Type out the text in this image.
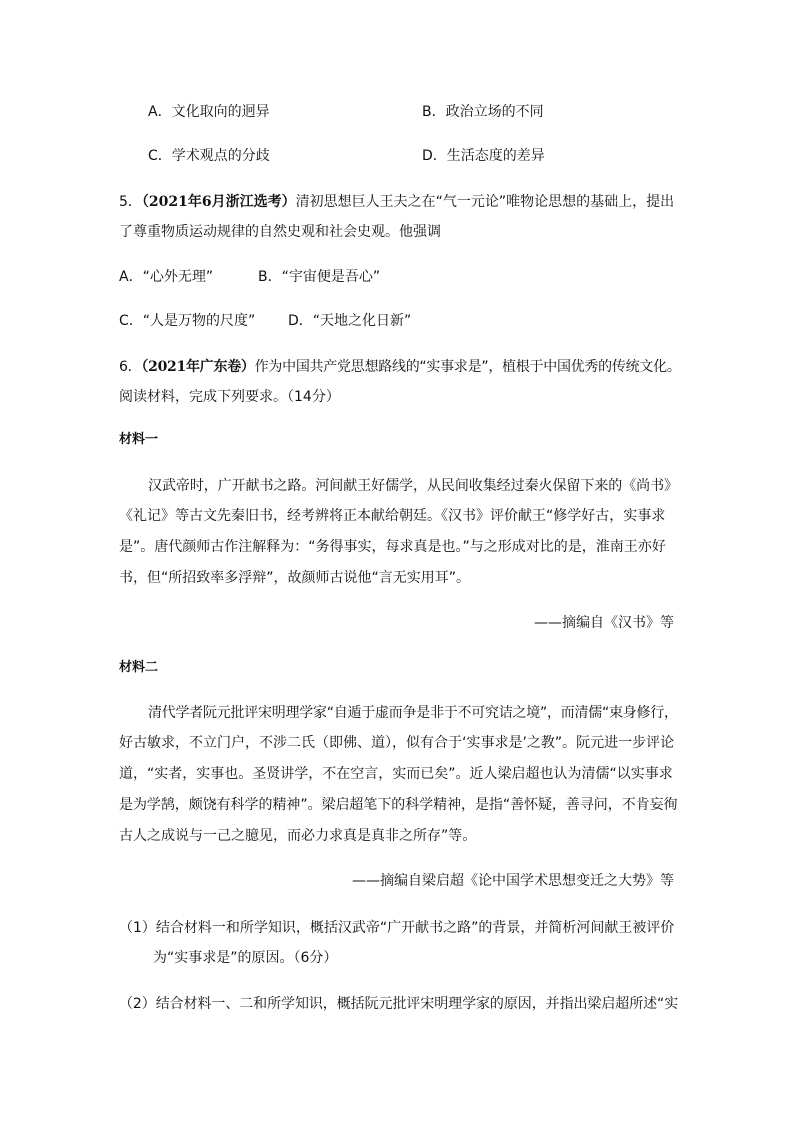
A．文化取向的迥异	B．政治立场的不同
C．学术观点的分歧	D．生活态度的差异
5．（2021年6月浙江选考）清初思想巨人王夫之在“气一元论”唯物论思想的基础上，提出
了尊重物质运动规律的自然史观和社会史观。他强调
A．“心外无理”	B．“宇宙便是吾心”
C．“人是万物的尺度” D．“天地之化日新”
6．（2021年广东卷）作为中国共产党思想路线的“实事求是”，植根于中国优秀的传统文化。
阅读材料，完成下列要求。（14分）
材料一
汉武帝时，广开献书之路。河间献王好儒学，从民间收集经过秦火保留下来的《尚书》
《礼记》等古文先秦旧书，经考辨将正本献给朝廷。《汉书》评价献王“修学好古，实事求
是”。唐代颜师古作注解释为：“务得事实，每求真是也。”与之形成对比的是，淮南王亦好
书，但“所招致率多浮辩”，故颜师古说他“言无实用耳”。
——摘编自《汉书》等
材料二
清代学者阮元批评宋明理学家“自遁于虚而争是非于不可究诘之境”，而清儒“束身修行，
好古敏求，不立门户，不涉二氏（即佛、道），似有合于‘实事求是’之教”。阮元进一步评论
道，“实者，实事也。圣贤讲学，不在空言，实而已矣”。近人梁启超也认为清儒“以实事求
是为学鹄，颇饶有科学的精神”。梁启超笔下的科学精神，是指“善怀疑，善寻问，不肯妄徇
古人之成说与一己之臆见，而必力求真是真非之所存”等。
——摘编自梁启超《论中国学术思想变迁之大势》等
（1）结合材料一和所学知识，概括汉武帝“广开献书之路”的背景，并简析河间献王被评价
为“实事求是”的原因。（6分）
（2）结合材料一、二和所学知识，概括阮元批评宋明理学家的原因，并指出梁启超所述“实
